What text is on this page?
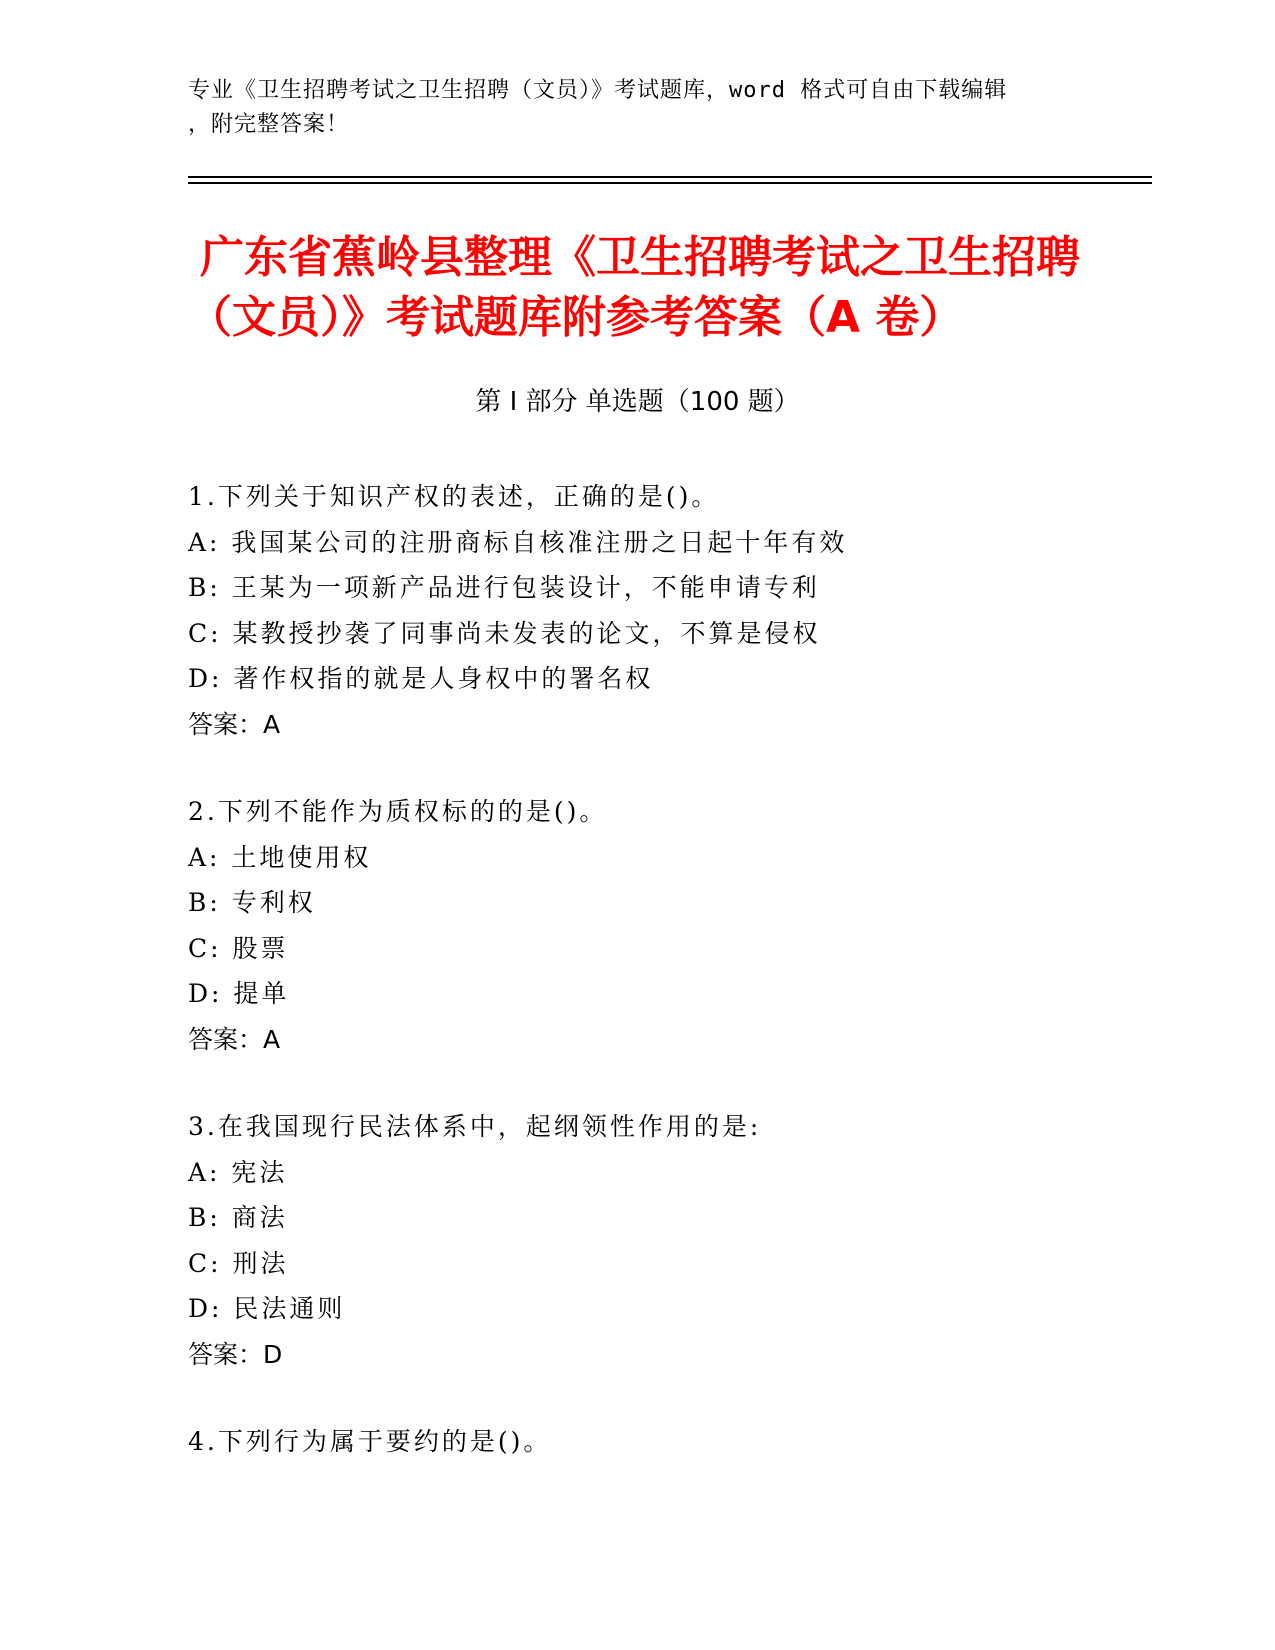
专业《卫生招聘考试之卫生招聘（文员）》考试题库，word 格式可自由下载编辑
，附完整答案！
广东省蕉岭县整理《卫生招聘考试之卫生招聘（文员）》考试题库附参考答案（A 卷）
第 I 部分 单选题（100 题）
1.下列关于知识产权的表述，正确的是()。
A: 我国某公司的注册商标自核准注册之日起十年有效
B: 王某为一项新产品进行包装设计，不能申请专利
C: 某教授抄袭了同事尚未发表的论文，不算是侵权
D: 著作权指的就是人身权中的署名权
答案：A
2.下列不能作为质权标的的是()。
A: 土地使用权
B: 专利权
C: 股票
D: 提单
答案：A
3.在我国现行民法体系中，起纲领性作用的是:
A: 宪法
B: 商法
C: 刑法
D: 民法通则
答案：D
4.下列行为属于要约的是()。
